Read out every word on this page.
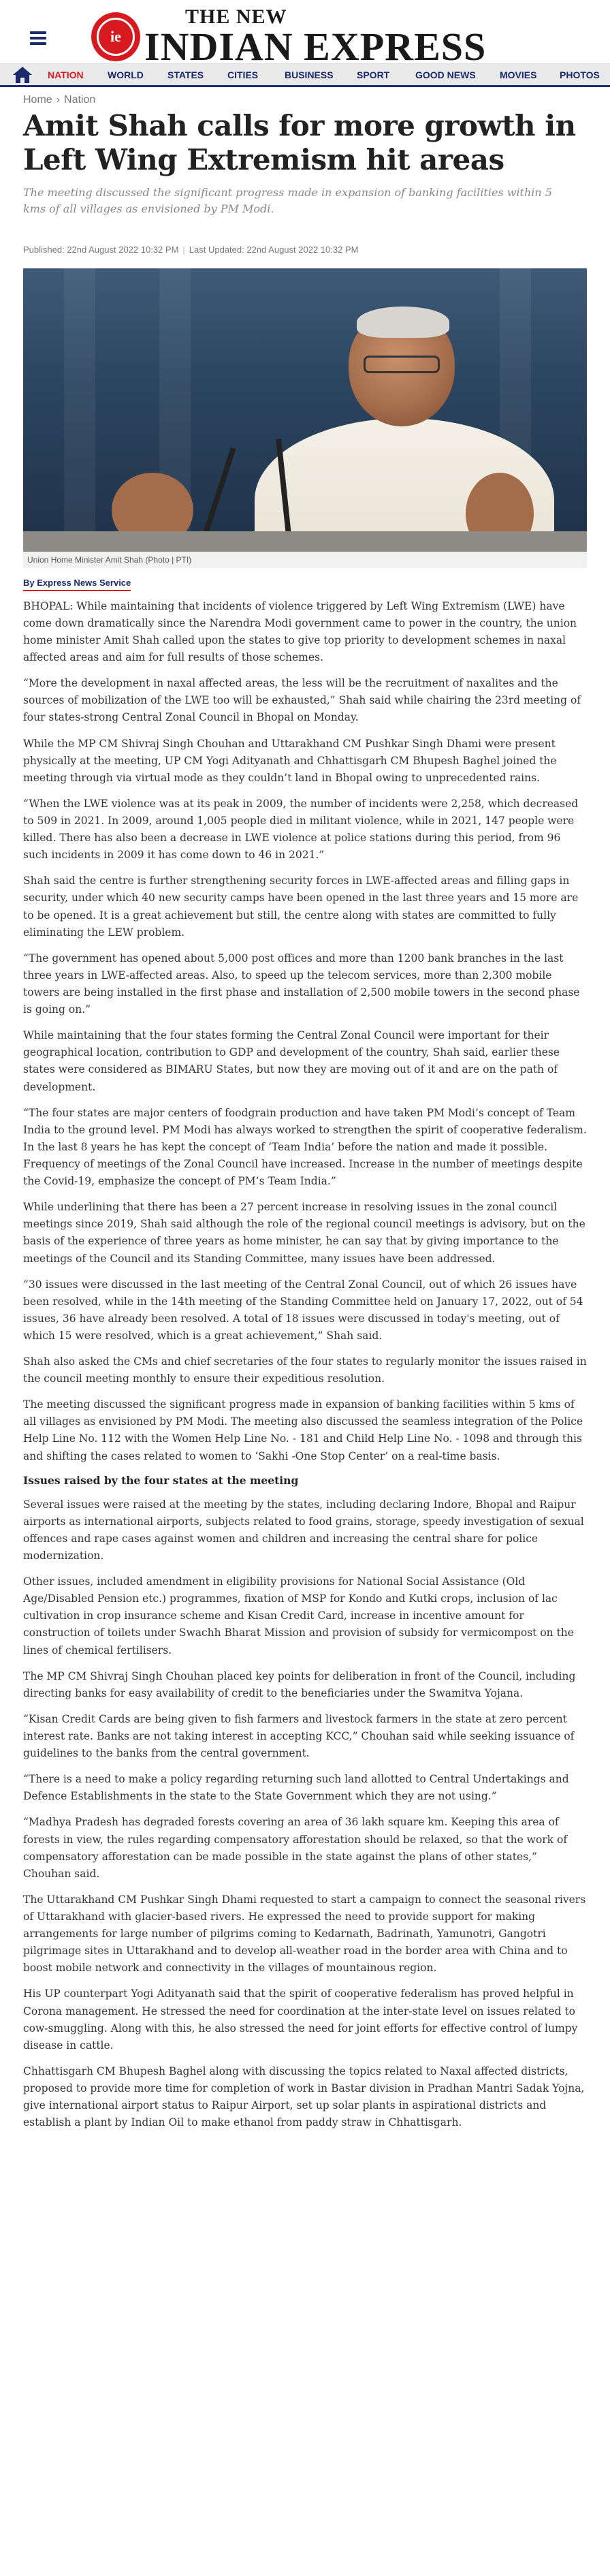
ie
THE NEW
INDIAN EXPRESS
NATION	WORLD	STATES	CITIES	BUSINESS	SPORT	GOOD NEWS	MOVIES	PHOTOS
Home › Nation
Amit Shah calls for more growth in Left Wing Extremism hit areas
The meeting discussed the significant progress made in expansion of banking facilities within 5 kms of all villages as envisioned by PM Modi.
Published: 22nd August 2022 10:32 PM | Last Updated: 22nd August 2022 10:32 PM
Union Home Minister Amit Shah (Photo | PTI)
By Express News Service

BHOPAL: While maintaining that incidents of violence triggered by Left Wing Extremism (LWE) have come down dramatically since the Narendra Modi government came to power in the country, the union home minister Amit Shah called upon the states to give top priority to development schemes in naxal affected areas and aim for full results of those schemes.

“More the development in naxal affected areas, the less will be the recruitment of naxalites and the sources of mobilization of the LWE too will be exhausted,” Shah said while chairing the 23rd meeting of four states-strong Central Zonal Council in Bhopal on Monday.

While the MP CM Shivraj Singh Chouhan and Uttarakhand CM Pushkar Singh Dhami were present physically at the meeting, UP CM Yogi Adityanath and Chhattisgarh CM Bhupesh Baghel joined the meeting through via virtual mode as they couldn’t land in Bhopal owing to unprecedented rains.

“When the LWE violence was at its peak in 2009, the number of incidents were 2,258, which decreased to 509 in 2021. In 2009, around 1,005 people died in militant violence, while in 2021, 147 people were killed. There has also been a decrease in LWE violence at police stations during this period, from 96 such incidents in 2009 it has come down to 46 in 2021.”

Shah said the centre is further strengthening security forces in LWE-affected areas and filling gaps in security, under which 40 new security camps have been opened in the last three years and 15 more are to be opened. It is a great achievement but still, the centre along with states are committed to fully eliminating the LEW problem.

“The government has opened about 5,000 post offices and more than 1200 bank branches in the last three years in LWE-affected areas. Also, to speed up the telecom services, more than 2,300 mobile towers are being installed in the first phase and installation of 2,500 mobile towers in the second phase is going on.”

While maintaining that the four states forming the Central Zonal Council were important for their geographical location, contribution to GDP and development of the country, Shah said, earlier these states were considered as BIMARU States, but now they are moving out of it and are on the path of development.

“The four states are major centers of foodgrain production and have taken PM Modi’s concept of Team India to the ground level. PM Modi has always worked to strengthen the spirit of cooperative federalism. In the last 8 years he has kept the concept of ‘Team India’ before the nation and made it possible. Frequency of meetings of the Zonal Council have increased. Increase in the number of meetings despite the Covid-19, emphasize the concept of PM’s Team India.”

While underlining that there has been a 27 percent increase in resolving issues in the zonal council meetings since 2019, Shah said although the role of the regional council meetings is advisory, but on the basis of the experience of three years as home minister, he can say that by giving importance to the meetings of the Council and its Standing Committee, many issues have been addressed.

“30 issues were discussed in the last meeting of the Central Zonal Council, out of which 26 issues have been resolved, while in the 14th meeting of the Standing Committee held on January 17, 2022, out of 54 issues, 36 have already been resolved. A total of 18 issues were discussed in today's meeting, out of which 15 were resolved, which is a great achievement,” Shah said.

Shah also asked the CMs and chief secretaries of the four states to regularly monitor the issues raised in the council meeting monthly to ensure their expeditious resolution.

The meeting discussed the significant progress made in expansion of banking facilities within 5 kms of all villages as envisioned by PM Modi. The meeting also discussed the seamless integration of the Police Help Line No. 112 with the Women Help Line No. - 181 and Child Help Line No. - 1098 and through this and shifting the cases related to women to ‘Sakhi -One Stop Center’ on a real-time basis.

Issues raised by the four states at the meeting

Several issues were raised at the meeting by the states, including declaring Indore, Bhopal and Raipur airports as international airports, subjects related to food grains, storage, speedy investigation of sexual offences and rape cases against women and children and increasing the central share for police modernization.

Other issues, included amendment in eligibility provisions for National Social Assistance (Old Age/Disabled Pension etc.) programmes, fixation of MSP for Kondo and Kutki crops, inclusion of lac cultivation in crop insurance scheme and Kisan Credit Card, increase in incentive amount for construction of toilets under Swachh Bharat Mission and provision of subsidy for vermicompost on the lines of chemical fertilisers.

The MP CM Shivraj Singh Chouhan placed key points for deliberation in front of the Council, including directing banks for easy availability of credit to the beneficiaries under the Swamitva Yojana.

“Kisan Credit Cards are being given to fish farmers and livestock farmers in the state at zero percent interest rate. Banks are not taking interest in accepting KCC,” Chouhan said while seeking issuance of guidelines to the banks from the central government.

“There is a need to make a policy regarding returning such land allotted to Central Undertakings and Defence Establishments in the state to the State Government which they are not using.”

“Madhya Pradesh has degraded forests covering an area of 36 lakh square km. Keeping this area of forests in view, the rules regarding compensatory afforestation should be relaxed, so that the work of compensatory afforestation can be made possible in the state against the plans of other states,” Chouhan said.

The Uttarakhand CM Pushkar Singh Dhami requested to start a campaign to connect the seasonal rivers of Uttarakhand with glacier-based rivers. He expressed the need to provide support for making arrangements for large number of pilgrims coming to Kedarnath, Badrinath, Yamunotri, Gangotri pilgrimage sites in Uttarakhand and to develop all-weather road in the border area with China and to boost mobile network and connectivity in the villages of mountainous region.

His UP counterpart Yogi Adityanath said that the spirit of cooperative federalism has proved helpful in Corona management. He stressed the need for coordination at the inter-state level on issues related to cow-smuggling. Along with this, he also stressed the need for joint efforts for effective control of lumpy disease in cattle.

Chhattisgarh CM Bhupesh Baghel along with discussing the topics related to Naxal affected districts, proposed to provide more time for completion of work in Bastar division in Pradhan Mantri Sadak Yojna, give international airport status to Raipur Airport, set up solar plants in aspirational districts and establish a plant by Indian Oil to make ethanol from paddy straw in Chhattisgarh.
